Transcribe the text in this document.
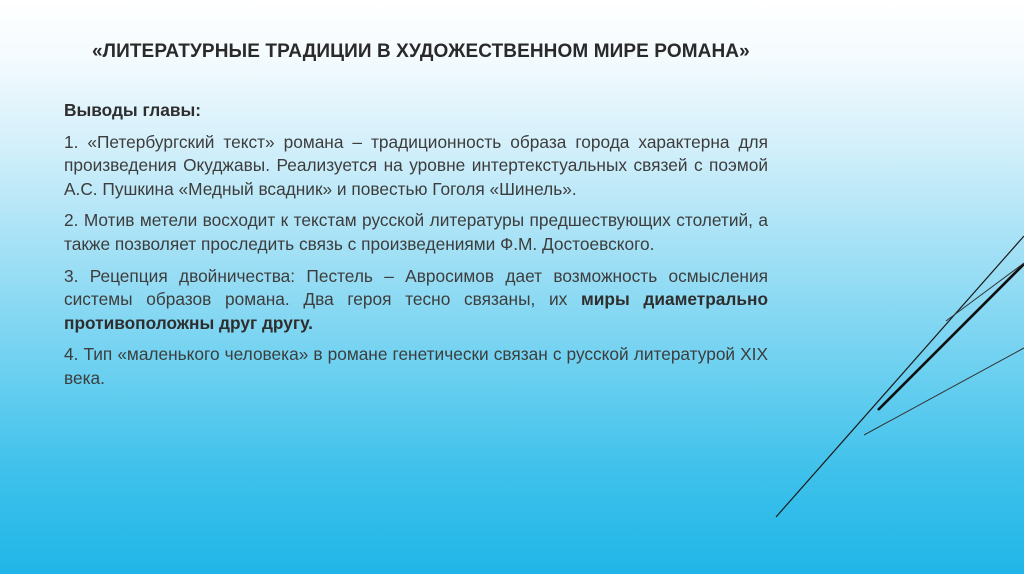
«ЛИТЕРАТУРНЫЕ ТРАДИЦИИ В ХУДОЖЕСТВЕННОМ МИРЕ РОМАНА»
Выводы главы:

1. «Петербургский текст» романа – традиционность образа города характерна для произведения Окуджавы. Реализуется на уровне интертекстуальных связей с поэмой А.С. Пушкина «Медный всадник» и повестью Гоголя «Шинель».

2. Мотив метели восходит к текстам русской литературы предшествующих столетий, а также позволяет проследить связь с произведениями Ф.М. Достоевского.

3. Рецепция двойничества: Пестель – Авросимов дает возможность осмысления системы образов романа. Два героя тесно связаны, их миры диаметрально противоположны друг другу.

4. Тип «маленького человека» в романе генетически связан с русской литературой XIX века.
